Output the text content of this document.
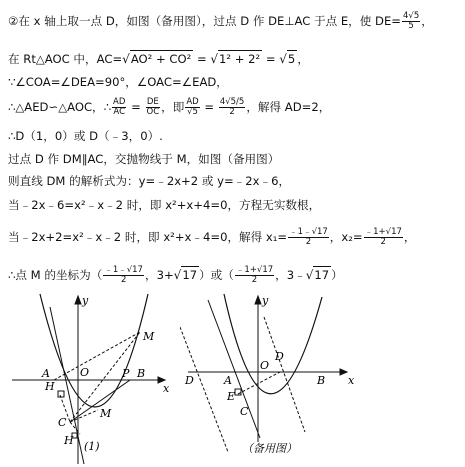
②在 x 轴上取一点 D，如图（备用图），过点 D 作 DE⊥AC 于点 E，使 $DE= \frac{4√5}{5}$ ，
在 Rt△AOC 中，AC=√AO² + CO² = √1² + 2² = √5 ，
∵∠COA=∠DEA=90°，∠OAC=∠EAD，
∴△AED∽△AOC，∴ $\frac{AD}{AC} = \frac{DE}{OC}$ ，即 $\frac{AD}{√5} = \frac{4√5/5}{2}$ ，解得 AD=2，
∴D（1，0）或 D（﹣3，0）.
过点 D 作 DM∥AC，交抛物线于 M，如图（备用图）
则直线 DM 的解析式为：y=﹣2x+2 或 y=﹣2x﹣6，
当﹣2x﹣6=x²﹣x﹣2 时，即 x²+x+4=0，方程无实数根，
当﹣2x+2=x²﹣x﹣2 时，即 x²+x﹣4=0，解得 $x_1= \frac{﹣1﹣√17}{2}$ ，$x_2= \frac{﹣1+√17}{2}$ ，
∴点 M 的坐标为（ $\frac{﹣1﹣√17}{2}$ ，3+√17 ）或（ $\frac{﹣1+√17}{2}$ ，3﹣√17 ）
y
x
O
A	B
P
M
H
C
M
H (1)
y
x
O
A	B
C
E
D
D
（备用图）
